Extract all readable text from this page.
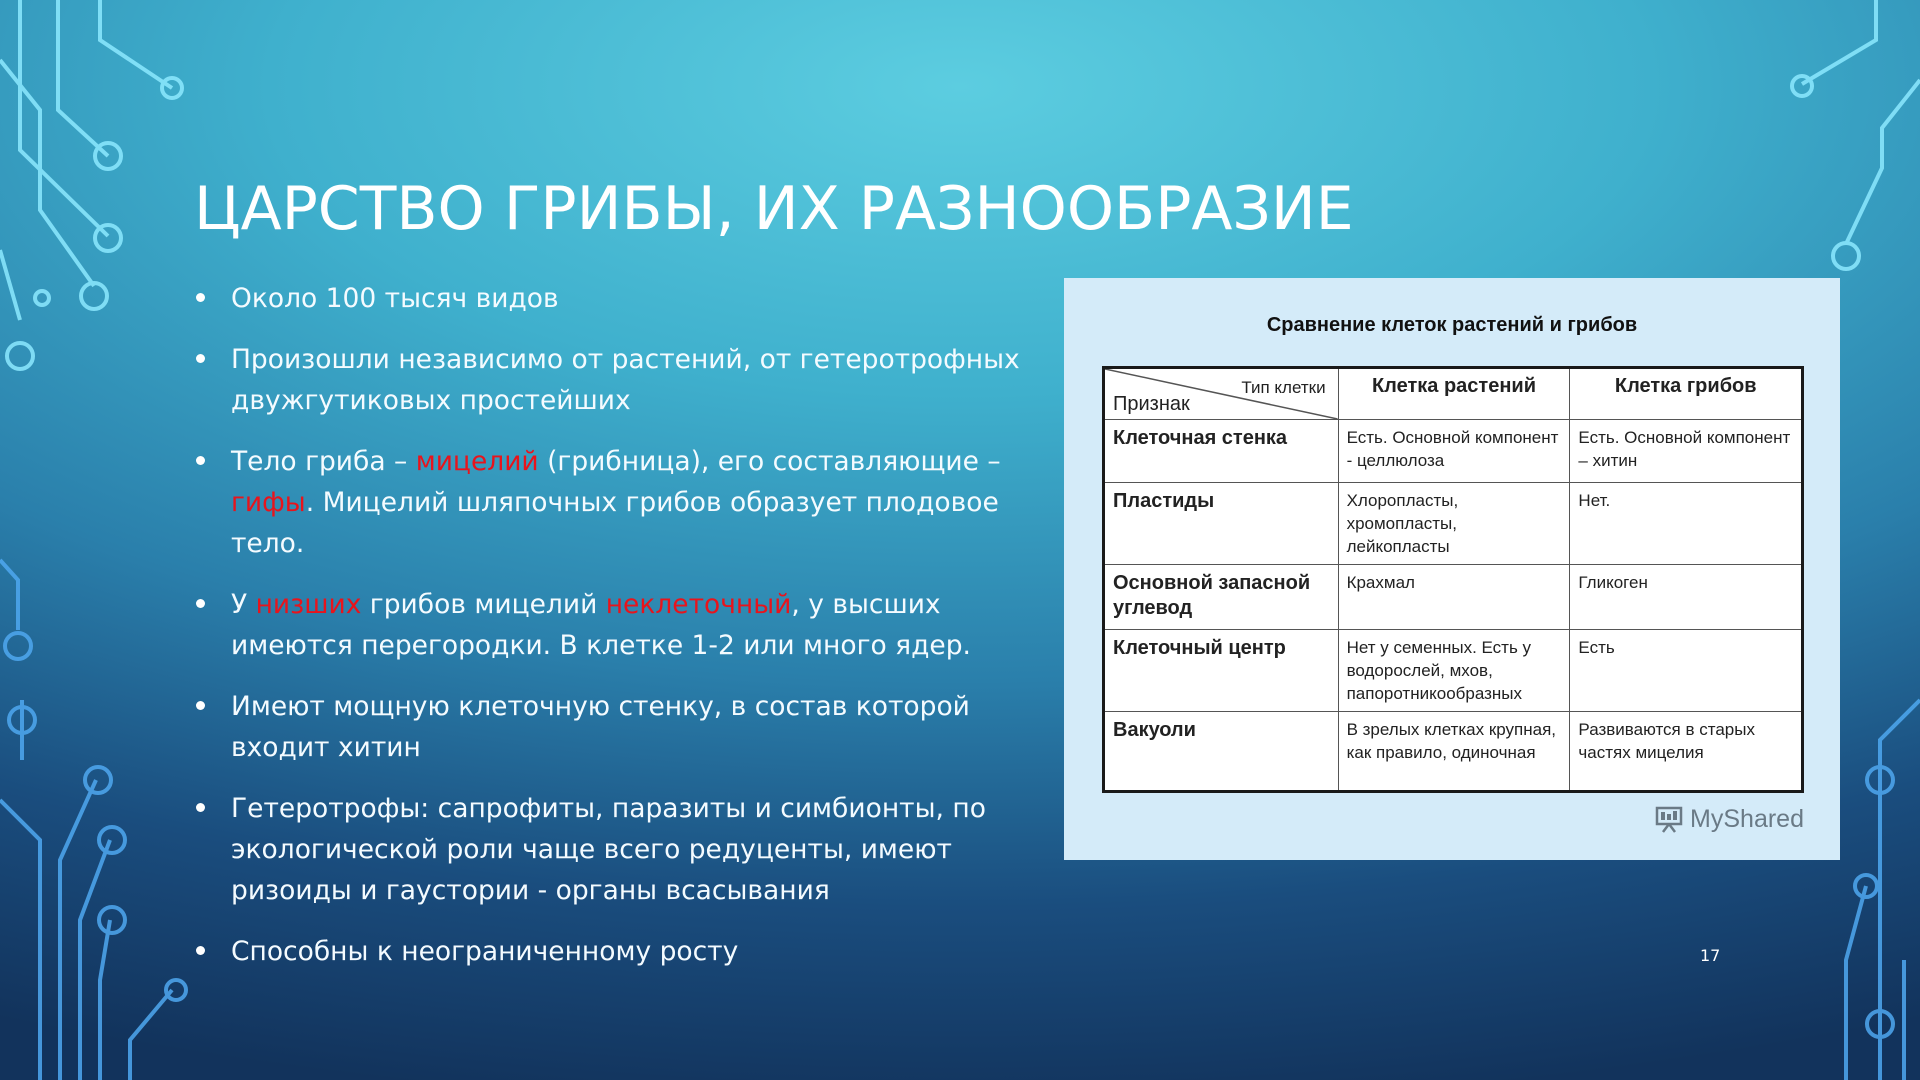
ЦАРСТВО ГРИБЫ, ИХ РАЗНООБРАЗИЕ
Около 100 тысяч видов
Произошли независимо от растений, от гетеротрофных двужгутиковых простейших
Тело гриба – мицелий (грибница), его составляющие – гифы. Мицелий шляпочных грибов образует плодовое тело.
У низших грибов мицелий неклеточный, у высших имеются перегородки. В клетке 1-2 или много ядер.
Имеют мощную клеточную стенку, в состав которой входит хитин
Гетеротрофы: сапрофиты, паразиты и симбионты, по экологической роли чаще всего редуценты, имеют ризоиды и гаустории - органы всасывания
Способны к неограниченному росту
Сравнение клеток растений и грибов
Тип клетки
Признак	Клетка растений	Клетка грибов
Клеточная стенка	Есть. Основной компонент - целлюлоза	Есть. Основной компонент – хитин
Пластиды	Хлоропласты, хромопласты, лейкопласты	Нет.
Основной запасной углевод	Крахмал	Гликоген
Клеточный центр	Нет у семенных. Есть у водорослей, мхов, папоротникообразных	Есть
Вакуоли	В зрелых клетках крупная, как правило, одиночная	Развиваются в старых частях мицелия
MyShared
17
